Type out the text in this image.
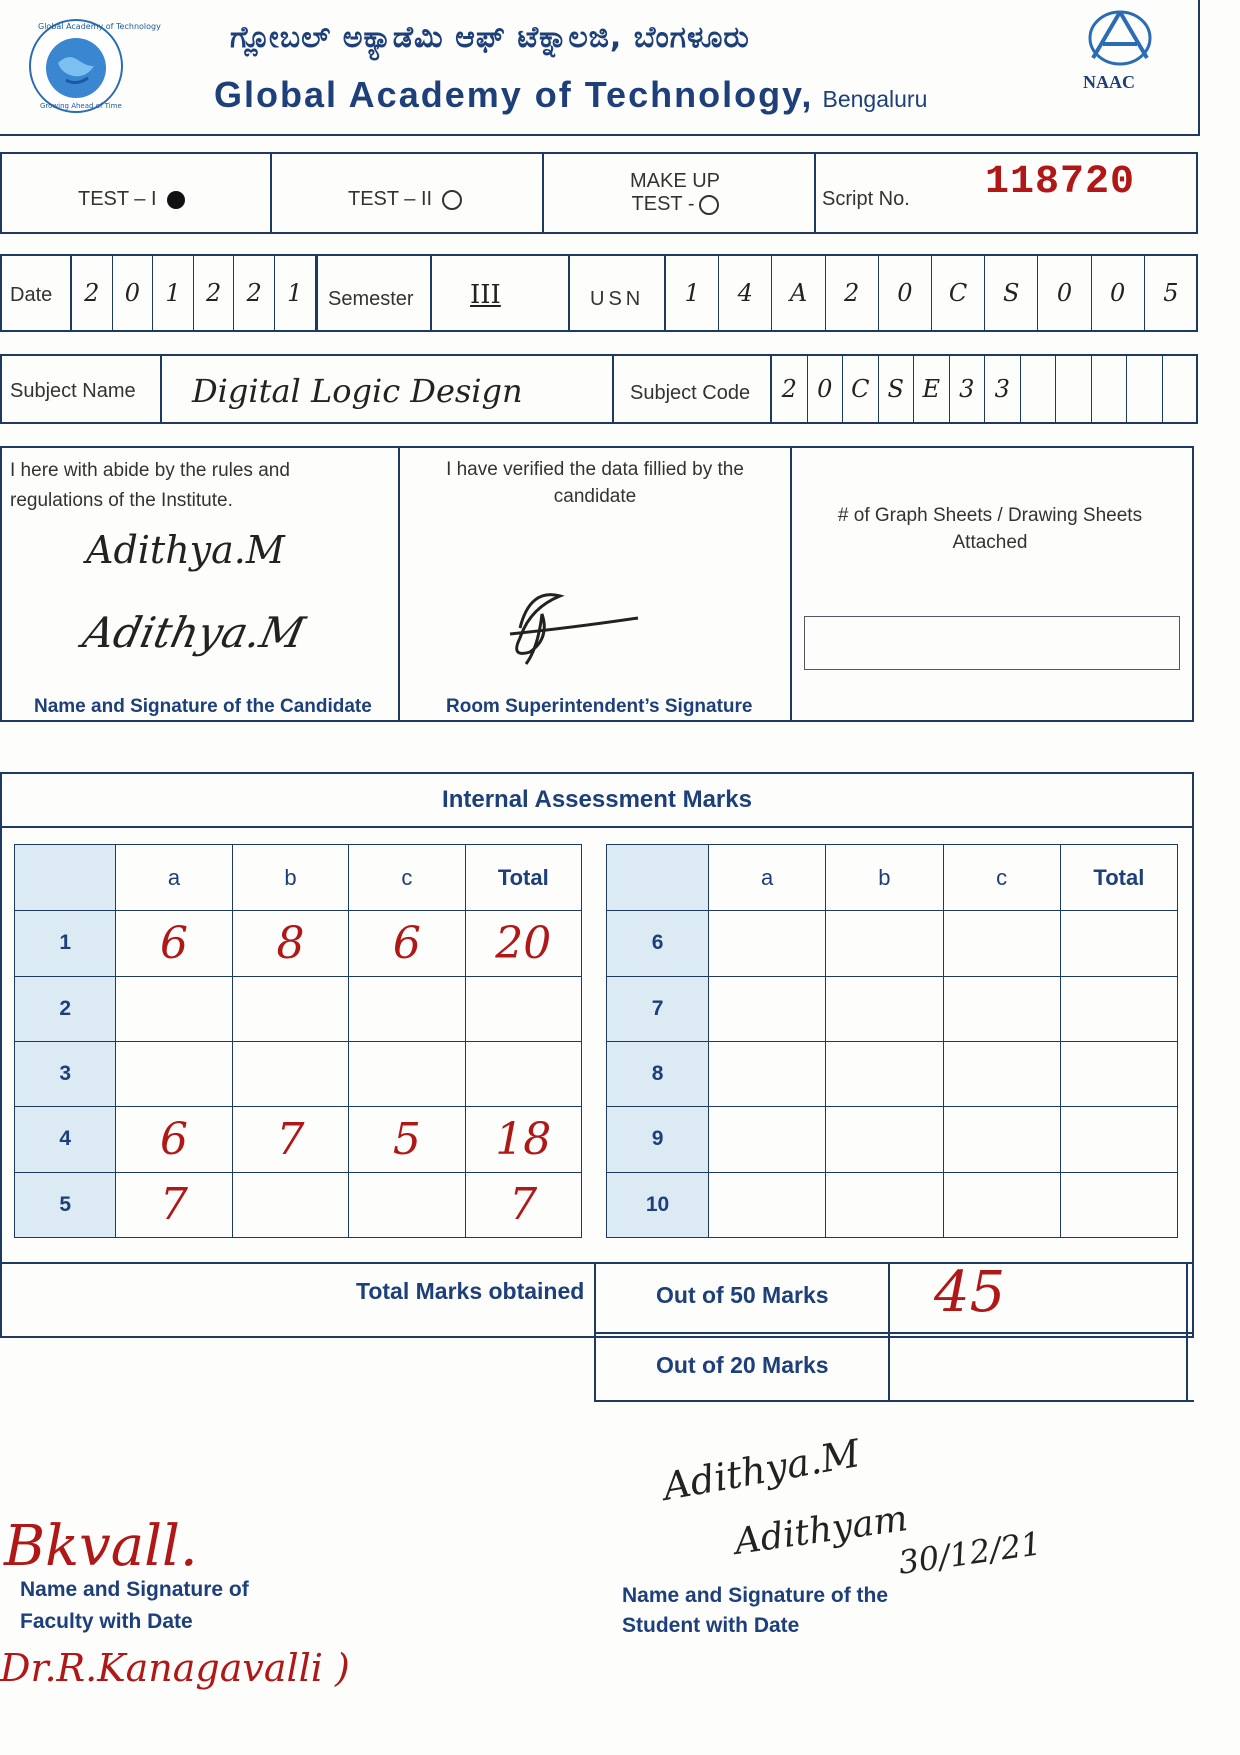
Global Academy of Technology
Growing Ahead of Time
ಗ್ಲೋಬಲ್ ಅಕ್ಯಾಡೆಮಿ ಆಫ್ ಟೆಕ್ನಾಲಜಿ, ಬೆಂಗಳೂರು
Global Academy of Technology, Bengaluru
NAAC
TEST – I	TEST – II
MAKE UP
TEST -	Script No. 118720
Date	2	0	1	2	2	1	Semester III	USN	1	4	A	2	0	C	S	0	0	5
Subject Name Digital Logic Design	Subject Code	2 0 C S E 3 3
I here with abide by the rules and regulations of the Institute.
Adithya.M
Adithya.M
Name and Signature of the Candidate
I have verified the data fillied by the candidate
Room Superintendent’s Signature
# of Graph Sheets / Drawing Sheets Attached
Internal Assessment Marks
	a	b	c	Total
1	6	8	6	20
2				
3				
4	6	7	5	18
5	7			7
	a	b	c	Total
6				
7				
8				
9				
10				
Total Marks obtained	Out of 50 Marks 45
Out of 20 Marks
Bkvall.
Name and Signature of
Faculty with Date
Dr.R.Kanagavalli )
Adithya.M
Adithyam
30/12/21
Name and Signature of the
Student with Date
